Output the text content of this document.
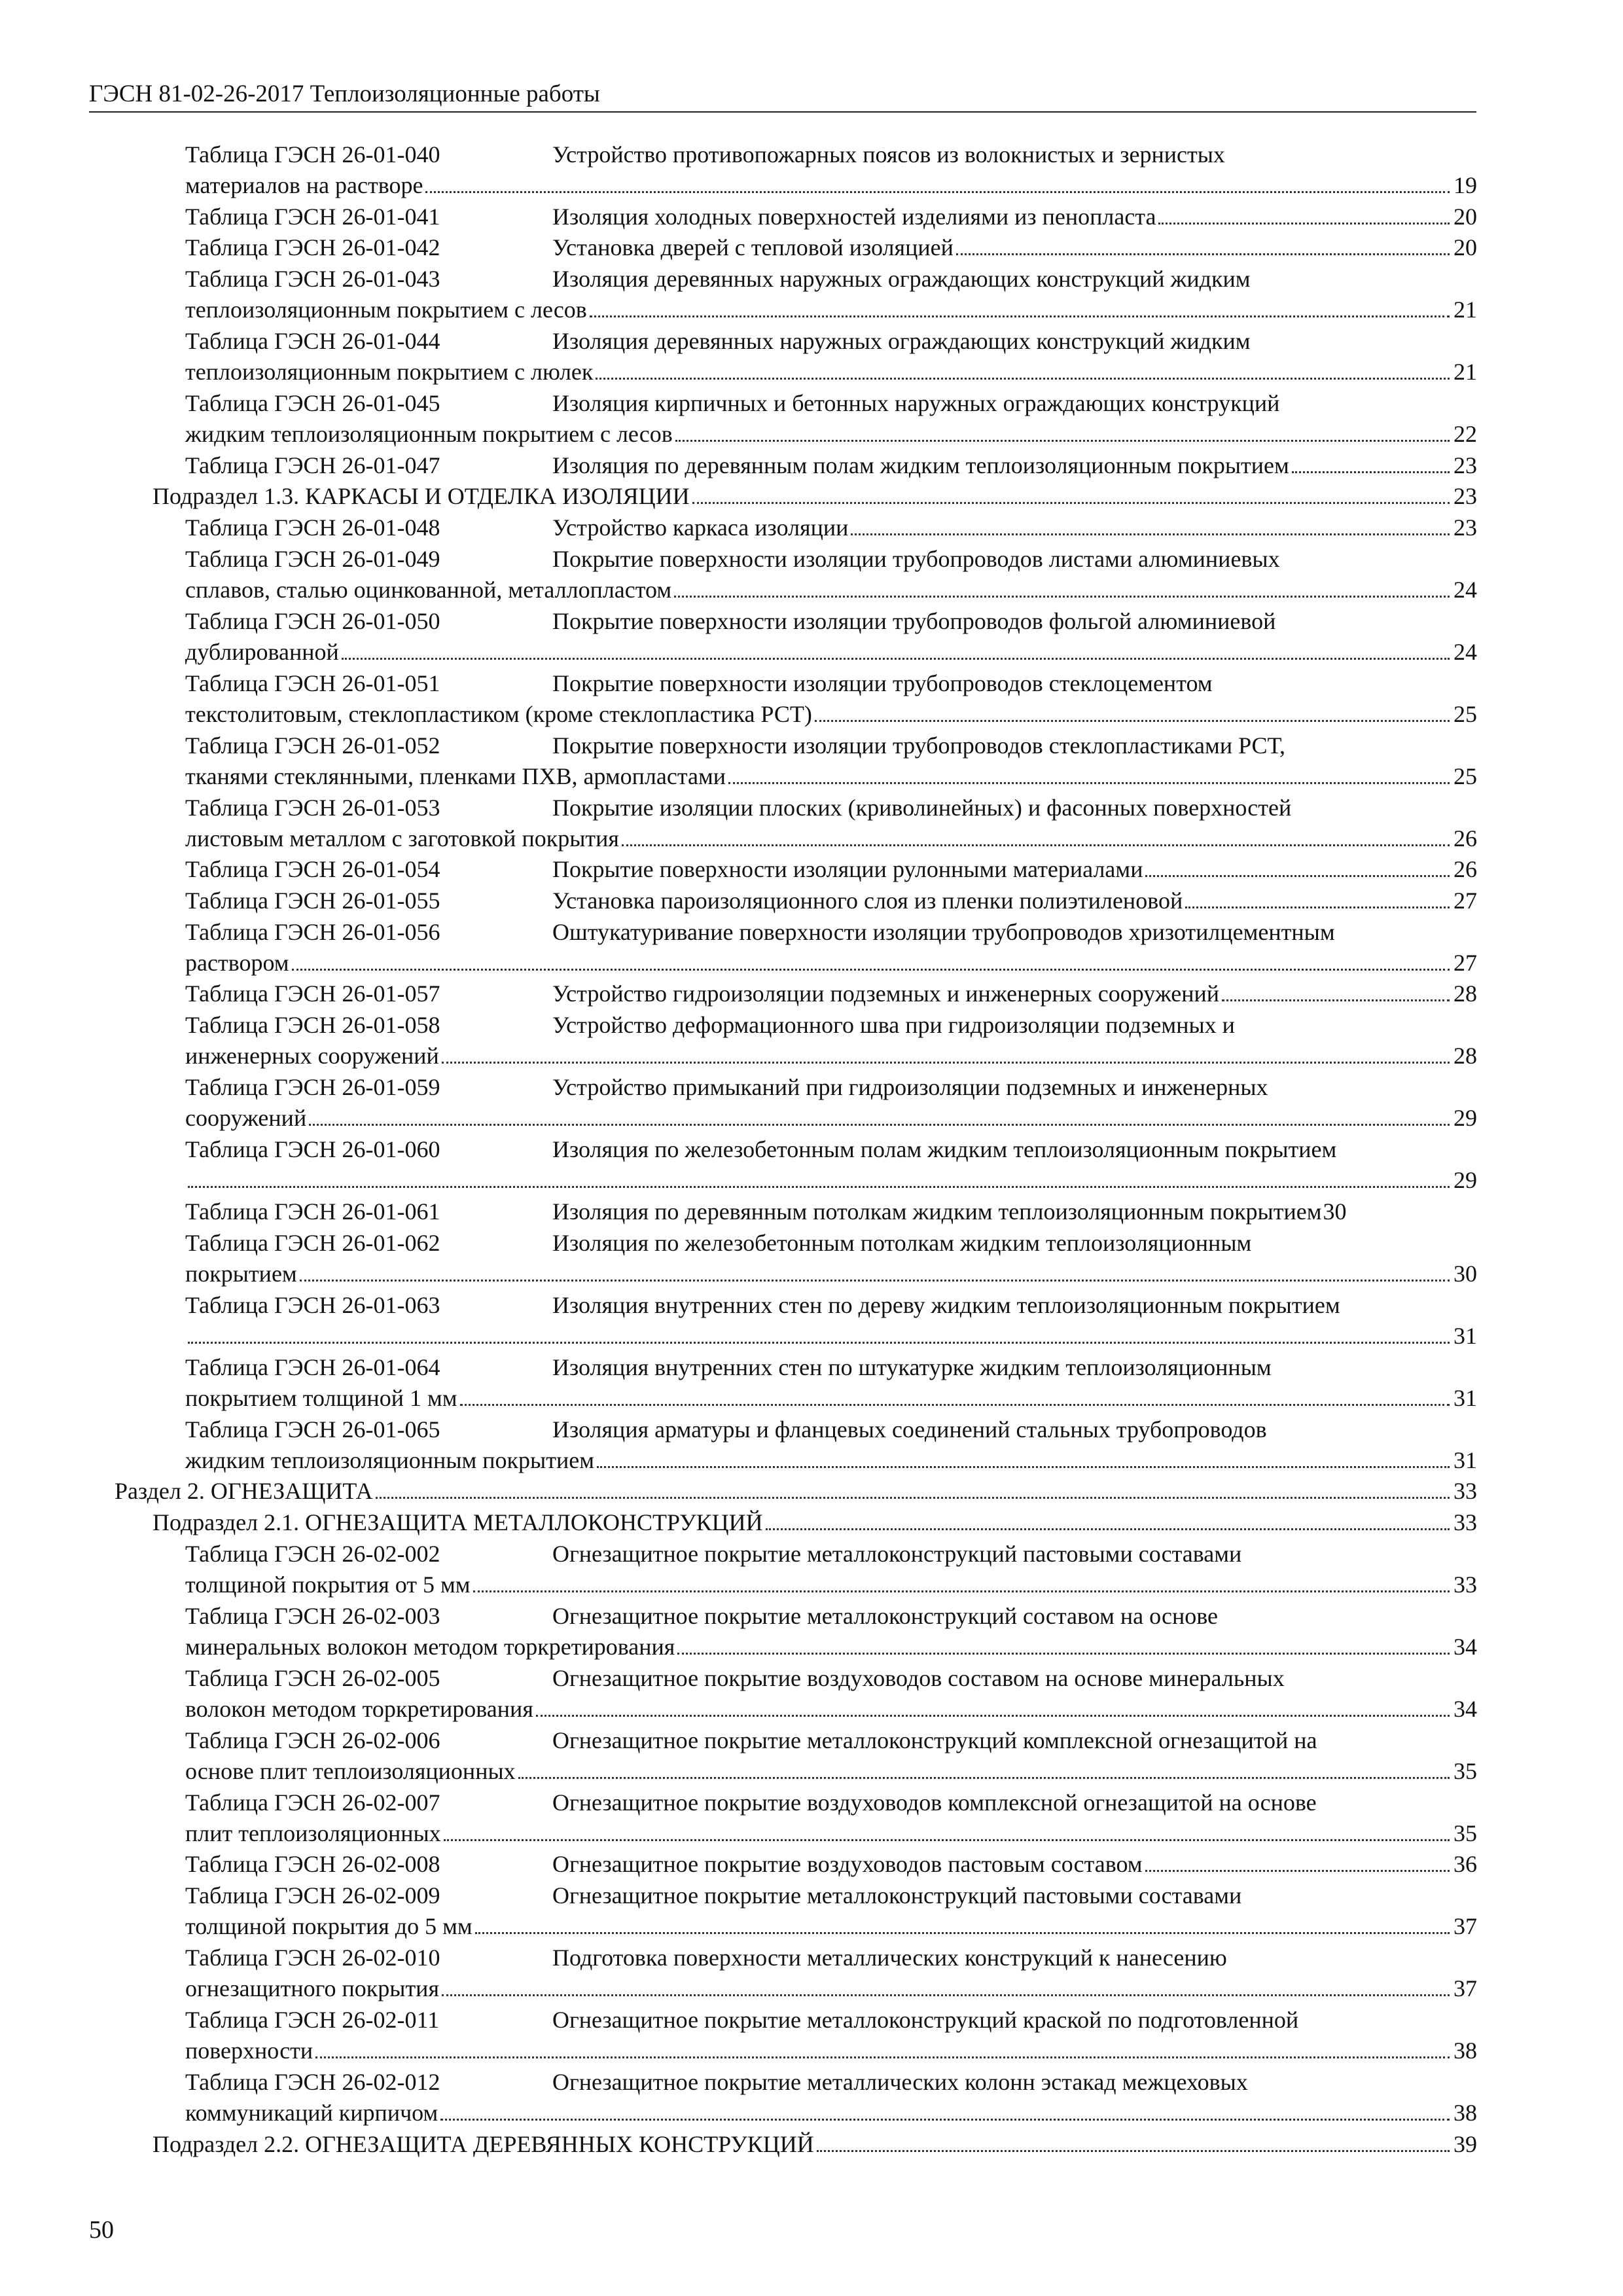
ГЭСН 81-02-26-2017 Теплоизоляционные работы
Таблица ГЭСН 26-01-040	Устройство противопожарных поясов из волокнистых и зернистых
материалов на растворе	19
Таблица ГЭСН 26-01-041	Изоляция холодных поверхностей изделиями из пенопласта	20
Таблица ГЭСН 26-01-042	Установка дверей с тепловой изоляцией	20
Таблица ГЭСН 26-01-043	Изоляция деревянных наружных ограждающих конструкций жидким
теплоизоляционным покрытием с лесов	21
Таблица ГЭСН 26-01-044	Изоляция деревянных наружных ограждающих конструкций жидким
теплоизоляционным покрытием с люлек	21
Таблица ГЭСН 26-01-045	Изоляция кирпичных и бетонных наружных ограждающих конструкций
жидким теплоизоляционным покрытием с лесов	22
Таблица ГЭСН 26-01-047	Изоляция по деревянным полам жидким теплоизоляционным покрытием	23
Подраздел 1.3. КАРКАСЫ И ОТДЕЛКА ИЗОЛЯЦИИ	23
Таблица ГЭСН 26-01-048	Устройство каркаса изоляции	23
Таблица ГЭСН 26-01-049	Покрытие поверхности изоляции трубопроводов листами алюминиевых
сплавов, сталью оцинкованной, металлопластом	24
Таблица ГЭСН 26-01-050	Покрытие поверхности изоляции трубопроводов фольгой алюминиевой
дублированной	24
Таблица ГЭСН 26-01-051	Покрытие поверхности изоляции трубопроводов стеклоцементом
текстолитовым, стеклопластиком (кроме стеклопластика РСТ)	25
Таблица ГЭСН 26-01-052	Покрытие поверхности изоляции трубопроводов стеклопластиками РСТ,
тканями стеклянными, пленками ПХВ, армопластами	25
Таблица ГЭСН 26-01-053	Покрытие изоляции плоских (криволинейных) и фасонных поверхностей
листовым металлом с заготовкой покрытия	26
Таблица ГЭСН 26-01-054	Покрытие поверхности изоляции рулонными материалами	26
Таблица ГЭСН 26-01-055	Установка пароизоляционного слоя из пленки полиэтиленовой	27
Таблица ГЭСН 26-01-056	Оштукатуривание поверхности изоляции трубопроводов хризотилцементным
раствором	27
Таблица ГЭСН 26-01-057	Устройство гидроизоляции подземных и инженерных сооружений	28
Таблица ГЭСН 26-01-058	Устройство деформационного шва при гидроизоляции подземных и
инженерных сооружений	28
Таблица ГЭСН 26-01-059	Устройство примыканий при гидроизоляции подземных и инженерных
сооружений	29
Таблица ГЭСН 26-01-060	Изоляция по железобетонным полам жидким теплоизоляционным покрытием
29
Таблица ГЭСН 26-01-061	Изоляция по деревянным потолкам жидким теплоизоляционным покрытием 30
Таблица ГЭСН 26-01-062	Изоляция по железобетонным потолкам жидким теплоизоляционным
покрытием	30
Таблица ГЭСН 26-01-063	Изоляция внутренних стен по дереву жидким теплоизоляционным покрытием
31
Таблица ГЭСН 26-01-064	Изоляция внутренних стен по штукатурке жидким теплоизоляционным
покрытием толщиной 1 мм	31
Таблица ГЭСН 26-01-065	Изоляция арматуры и фланцевых соединений стальных трубопроводов
жидким теплоизоляционным покрытием	31
Раздел 2. ОГНЕЗАЩИТА	33
Подраздел 2.1. ОГНЕЗАЩИТА МЕТАЛЛОКОНСТРУКЦИЙ	33
Таблица ГЭСН 26-02-002	Огнезащитное покрытие металлоконструкций пастовыми составами
толщиной покрытия от 5 мм	33
Таблица ГЭСН 26-02-003	Огнезащитное покрытие металлоконструкций составом на основе
минеральных волокон методом торкретирования	34
Таблица ГЭСН 26-02-005	Огнезащитное покрытие воздуховодов составом на основе минеральных
волокон методом торкретирования	34
Таблица ГЭСН 26-02-006	Огнезащитное покрытие металлоконструкций комплексной огнезащитой на
основе плит теплоизоляционных	35
Таблица ГЭСН 26-02-007	Огнезащитное покрытие воздуховодов комплексной огнезащитой на основе
плит теплоизоляционных	35
Таблица ГЭСН 26-02-008	Огнезащитное покрытие воздуховодов пастовым составом	36
Таблица ГЭСН 26-02-009	Огнезащитное покрытие металлоконструкций пастовыми составами
толщиной покрытия до 5 мм	37
Таблица ГЭСН 26-02-010	Подготовка поверхности металлических конструкций к нанесению
огнезащитного покрытия	37
Таблица ГЭСН 26-02-011	Огнезащитное покрытие металлоконструкций краской по подготовленной
поверхности	38
Таблица ГЭСН 26-02-012	Огнезащитное покрытие металлических колонн эстакад межцеховых
коммуникаций кирпичом	38
Подраздел 2.2. ОГНЕЗАЩИТА ДЕРЕВЯННЫХ КОНСТРУКЦИЙ	39
50
